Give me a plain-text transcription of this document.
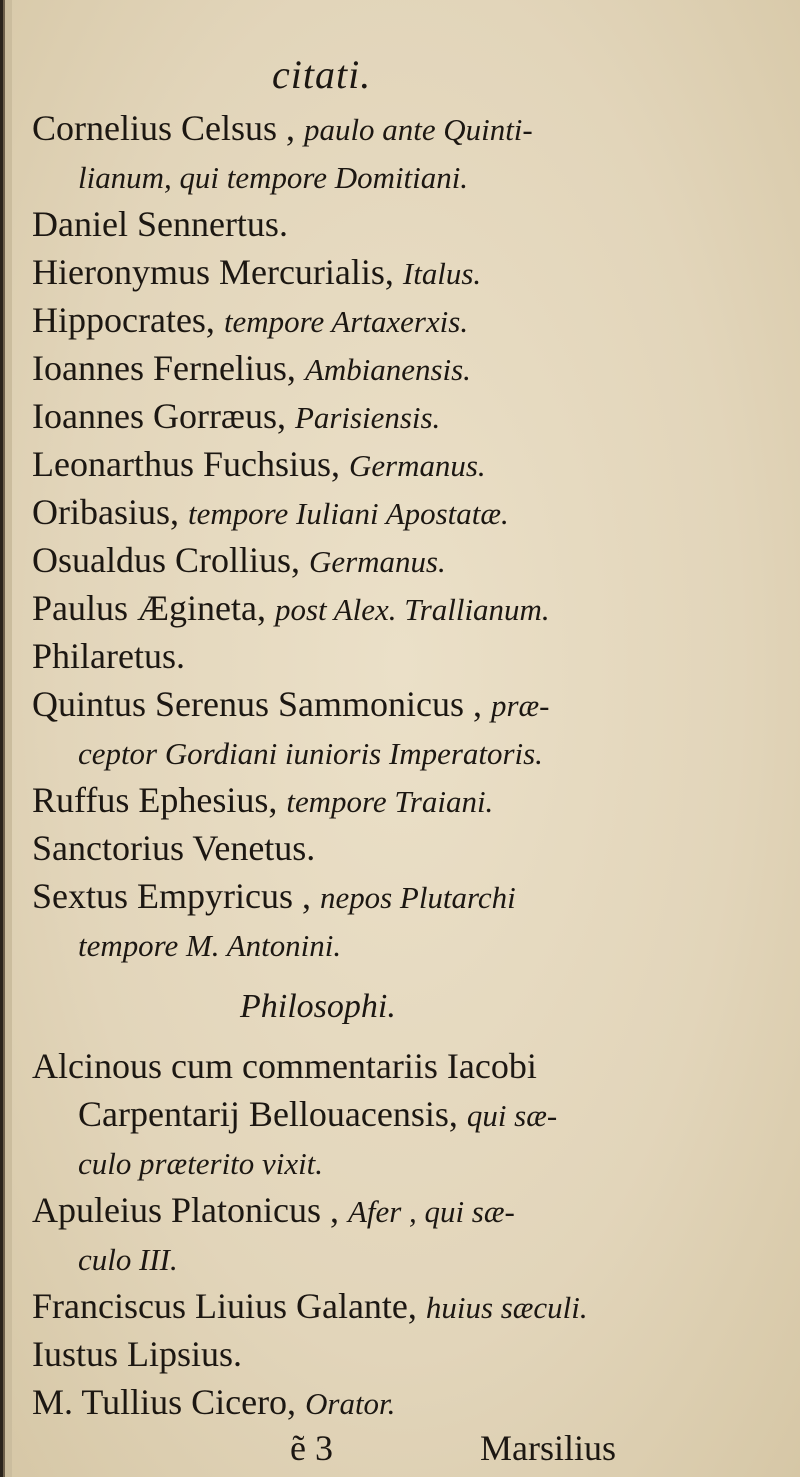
citati.
Cornelius Celsus , paulo ante Quinti-
lianum, qui tempore Domitiani.
Daniel Sennertus.
Hieronymus Mercurialis, Italus.
Hippocrates, tempore Artaxerxis.
Ioannes Fernelius, Ambianensis.
Ioannes Gorræus, Parisiensis.
Leonarthus Fuchsius, Germanus.
Oribasius, tempore Iuliani Apostatæ.
Osualdus Crollius, Germanus.
Paulus Ægineta, post Alex. Trallianum.
Philaretus.
Quintus Serenus Sammonicus , præ-
ceptor Gordiani iunioris Imperatoris.
Ruffus Ephesius, tempore Traiani.
Sanctorius Venetus.
Sextus Empyricus , nepos Plutarchi
tempore M. Antonini.
Philosophi.
Alcinous cum commentariis Iacobi
Carpentarij Bellouacensis, qui sæ-
culo præterito vixit.
Apuleius Platonicus , Afer , qui sæ-
culo III.
Franciscus Liuius Galante, huius sæculi.
Iustus Lipsius.
M. Tullius Cicero, Orator.
ẽ 3	Marsilius
